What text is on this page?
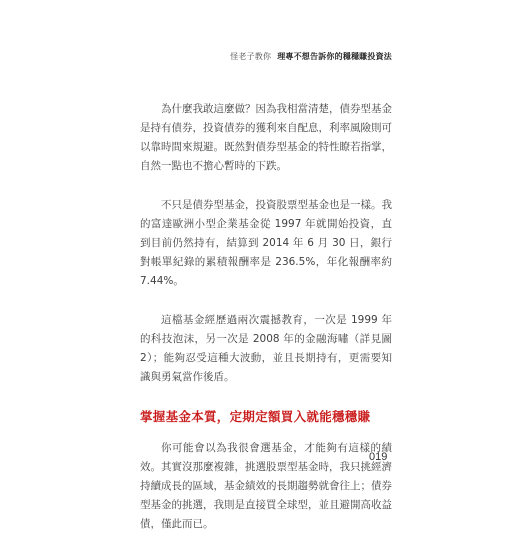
怪老子教你 理專不想告訴你的穩穩賺投資法

為什麼我敢這麼做？因為我相當清楚，債券型基金是持有債券，投資債券的獲利來自配息，利率風險則可以靠時間來規避。既然對債券型基金的特性瞭若指掌，自然一點也不擔心暫時的下跌。

不只是債券型基金，投資股票型基金也是一樣。我的富達歐洲小型企業基金從 1997 年就開始投資，直到目前仍然持有，結算到 2014 年 6 月 30 日，銀行對帳單紀錄的累積報酬率是 236.5%，年化報酬率約 7.44%。

這檔基金經歷過兩次震撼教育，一次是 1999 年的科技泡沫，另一次是 2008 年的金融海嘯（詳見圖 2）；能夠忍受這種大波動，並且長期持有，更需要知識與勇氣當作後盾。

掌握基金本質，定期定額買入就能穩穩賺

你可能會以為我很會選基金，才能夠有這樣的績效。其實沒那麼複雜，挑選股票型基金時，我只挑經濟持續成長的區域，基金績效的長期趨勢就會往上；債券型基金的挑選，我則是直接買全球型，並且避開高收益債，僅此而已。

019
